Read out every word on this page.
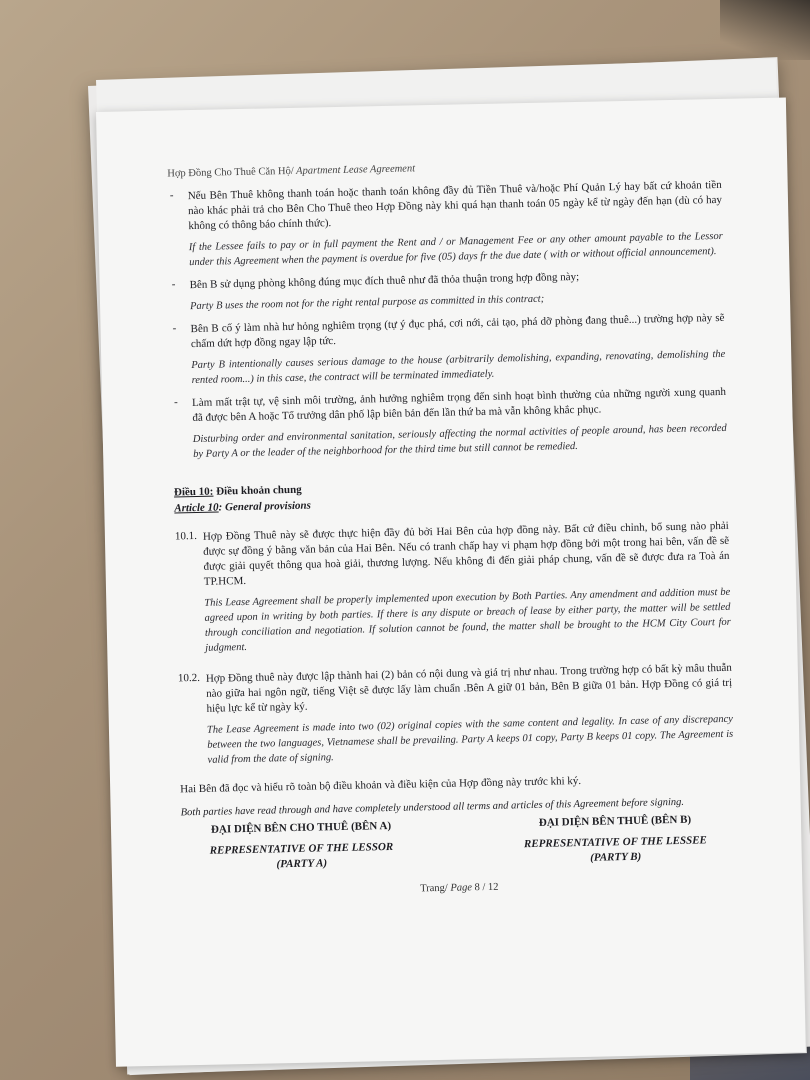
Hợp Đồng Cho Thuê Căn Hộ/ Apartment Lease Agreement
- Nếu Bên Thuê không thanh toán hoặc thanh toán không đầy đủ Tiền Thuê và/hoặc Phí Quản Lý hay bất cứ khoản tiền nào khác phải trả cho Bên Cho Thuê theo Hợp Đồng này khi quá hạn thanh toán 05 ngày kể từ ngày đến hạn (dù có hay không có thông báo chính thức).
If the Lessee fails to pay or in full payment the Rent and / or Management Fee or any other amount payable to the Lessor under this Agreement when the payment is overdue for five (05) days fr the due date ( with or without official announcement).
- Bên B sử dụng phòng không đúng mục đích thuê như đã thỏa thuận trong hợp đồng này;
Party B uses the room not for the right rental purpose as committed in this contract;
- Bên B cố ý làm nhà hư hỏng nghiêm trọng (tự ý đục phá, cơi nới, cải tạo, phá dỡ phòng đang thuê...) trường hợp này sẽ chấm dứt hợp đồng ngay lập tức.
Party B intentionally causes serious damage to the house (arbitrarily demolishing, expanding, renovating, demolishing the rented room...) in this case, the contract will be terminated immediately.
- Làm mất trật tự, vệ sinh môi trường, ảnh hưởng nghiêm trọng đến sinh hoạt bình thường của những người xung quanh đã được bên A hoặc Tổ trưởng dân phố lập biên bản đến lần thứ ba mà vẫn không khắc phục.
Disturbing order and environmental sanitation, seriously affecting the normal activities of people around, has been recorded by Party A or the leader of the neighborhood for the third time but still cannot be remedied.
Điều 10: Điều khoản chung
Article 10: General provisions
10.1. Hợp Đồng Thuê này sẽ được thực hiện đầy đủ bởi Hai Bên của hợp đồng này. Bất cứ điều chỉnh, bổ sung nào phải được sự đồng ý bằng văn bản của Hai Bên. Nếu có tranh chấp hay vi phạm hợp đồng bởi một trong hai bên, vấn đề sẽ được giải quyết thông qua hoà giải, thương lượng. Nếu không đi đến giải pháp chung, vấn đề sẽ được đưa ra Toà án TP.HCM.
This Lease Agreement shall be properly implemented upon execution by Both Parties. Any amendment and addition must be agreed upon in writing by both parties. If there is any dispute or breach of lease by either party, the matter will be settled through conciliation and negotiation. If solution cannot be found, the matter shall be brought to the HCM City Court for judgment.
10.2. Hợp Đồng thuê này được lập thành hai (2) bản có nội dung và giá trị như nhau. Trong trường hợp có bất kỳ mâu thuẫn nào giữa hai ngôn ngữ, tiếng Việt sẽ được lấy làm chuẩn .Bên A giữ 01 bản, Bên B giữa 01 bản. Hợp Đồng có giá trị hiệu lực kể từ ngày ký.
The Lease Agreement is made into two (02) original copies with the same content and legality. In case of any discrepancy between the two languages, Vietnamese shall be prevailing. Party A keeps 01 copy, Party B keeps 01 copy. The Agreement is valid from the date of signing.
Hai Bên đã đọc và hiểu rõ toàn bộ điều khoản và điều kiện của Hợp đồng này trước khi ký.
Both parties have read through and have completely understood all terms and articles of this Agreement before signing.
ĐẠI DIỆN BÊN CHO THUÊ (BÊN A)
REPRESENTATIVE OF THE LESSOR
(PARTY A)
ĐẠI DIỆN BÊN THUÊ (BÊN B)
REPRESENTATIVE OF THE LESSEE
(PARTY B)
Trang/ Page 8 / 12
